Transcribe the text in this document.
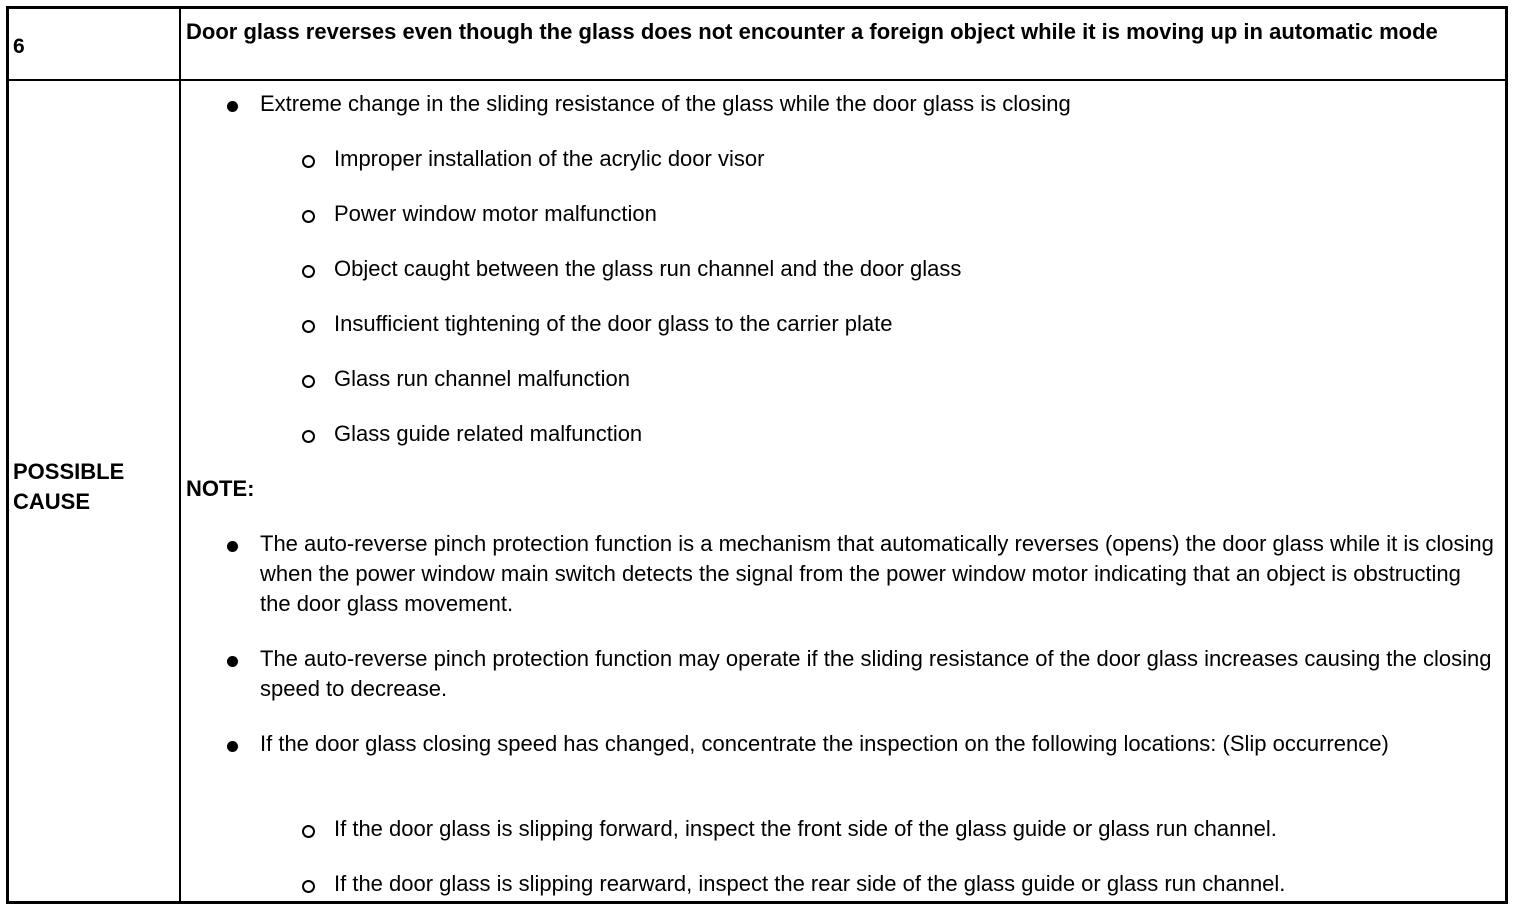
6
Door glass reverses even though the glass does not encounter a foreign object while it is moving up in automatic mode
POSSIBLE CAUSE
Extreme change in the sliding resistance of the glass while the door glass is closing
Improper installation of the acrylic door visor
Power window motor malfunction
Object caught between the glass run channel and the door glass
Insufficient tightening of the door glass to the carrier plate
Glass run channel malfunction
Glass guide related malfunction
NOTE:
The auto-reverse pinch protection function is a mechanism that automatically reverses (opens) the door glass while it is closing when the power window main switch detects the signal from the power window motor indicating that an object is obstructing the door glass movement.
The auto-reverse pinch protection function may operate if the sliding resistance of the door glass increases causing the closing speed to decrease.
If the door glass closing speed has changed, concentrate the inspection on the following locations: (Slip occurrence)
If the door glass is slipping forward, inspect the front side of the glass guide or glass run channel.
If the door glass is slipping rearward, inspect the rear side of the glass guide or glass run channel.
